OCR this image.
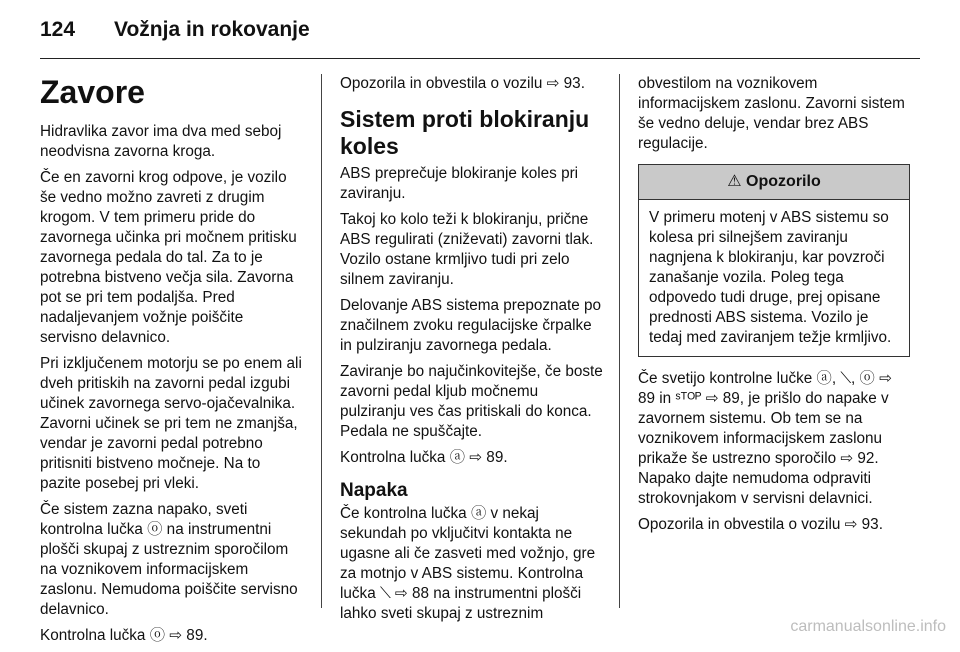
124 Vožnja in rokovanje
Zavore

Hidravlika zavor ima dva med seboj neodvisna zavorna kroga.

Če en zavorni krog odpove, je vozilo še vedno možno zavreti z drugim krogom. V tem primeru pride do zavornega učinka pri močnem pritisku zavornega pedala do tal. Za to je potrebna bistveno večja sila. Zavorna pot se pri tem podaljša. Pred nadaljevanjem vožnje poiščite servisno delavnico.

Pri izključenem motorju se po enem ali dveh pritiskih na zavorni pedal izgubi učinek zavornega servo-ojačevalnika. Zavorni učinek se pri tem ne zmanjša, vendar je zavorni pedal potrebno pritisniti bistveno močneje. Na to pazite posebej pri vleki.

Če sistem zazna napako, sveti kontrolna lučka ⓞ na instrumentni plošči skupaj z ustreznim sporočilom na voznikovem informacijskem zaslonu. Nemudoma poiščite servisno delavnico.

Kontrolna lučka ⓞ ⇨ 89.

Opozorila in obvestila o vozilu ⇨ 93.

Sistem proti blokiranju koles

ABS preprečuje blokiranje koles pri zaviranju.

Takoj ko kolo teži k blokiranju, prične ABS regulirati (zniževati) zavorni tlak. Vozilo ostane krmljivo tudi pri zelo silnem zaviranju.

Delovanje ABS sistema prepoznate po značilnem zvoku regulacijske črpalke in pulziranju zavornega pedala.

Zaviranje bo najučinkovitejše, če boste zavorni pedal kljub močnemu pulziranju ves čas pritiskali do konca. Pedala ne spuščajte.

Kontrolna lučka ⓐ ⇨ 89.

Napaka

Če kontrolna lučka ⓐ v nekaj sekundah po vključitvi kontakta ne ugasne ali če zasveti med vožnjo, gre za motnjo v ABS sistemu. Kontrolna lučka ⟍ ⇨ 88 na instrumentni plošči lahko sveti skupaj z ustreznim

obvestilom na voznikovem informacijskem zaslonu. Zavorni sistem še vedno deluje, vendar brez ABS regulacije.

⚠ Opozorilo
V primeru motenj v ABS sistemu so kolesa pri silnejšem zaviranju nagnjena k blokiranju, kar povzroči zanašanje vozila. Poleg tega odpovedo tudi druge, prej opisane prednosti ABS sistema. Vozilo je tedaj med zaviranjem težje krmljivo.

Če svetijo kontrolne lučke ⓐ, ⟍, ⓞ ⇨ 89 in ˢᵀᴼᴾ ⇨ 89, je prišlo do napake v zavornem sistemu. Ob tem se na voznikovem informacijskem zaslonu prikaže še ustrezno sporočilo ⇨ 92. Napako dajte nemudoma odpraviti strokovnjakom v servisni delavnici.

Opozorila in obvestila o vozilu ⇨ 93.

carmanualsonline.info
